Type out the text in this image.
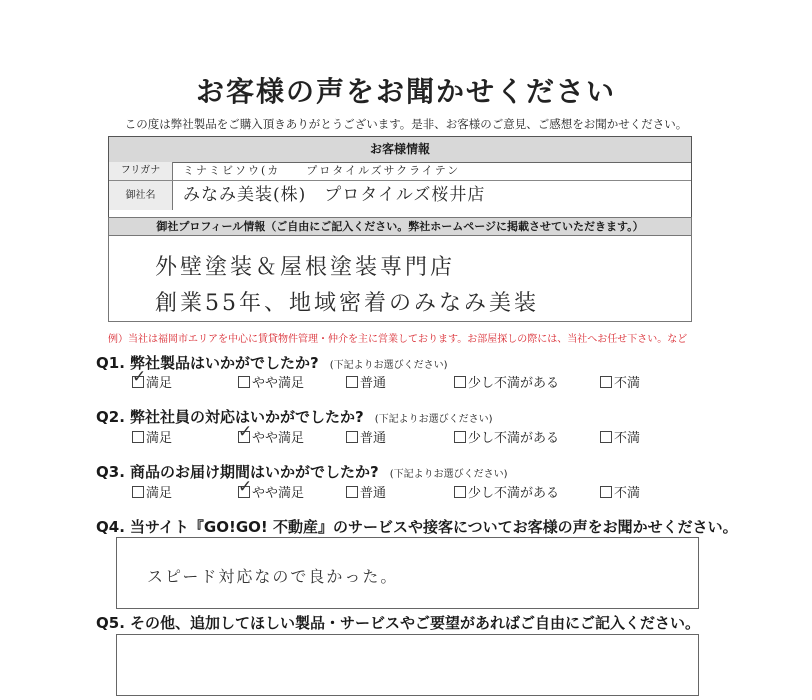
お客様の声をお聞かせください
この度は弊社製品をご購入頂きありがとうございます。是非、お客様のご意見、ご感想をお聞かせください。
お客様情報
フリガナ	ミナミビソウ(カ　　プロタイルズサクライテン
御社名	みなみ美装(株)　プロタイルズ桜井店
御社プロフィール情報（ご自由にご記入ください。弊社ホームページに掲載させていただきます。）
外壁塗装＆屋根塗装専門店
創業55年、地域密着のみなみ美装
例）当社は福岡市エリアを中心に賃貸物件管理・仲介を主に営業しております。お部屋探しの際には、当社へお任せ下さい。など
Q1. 弊社製品はいかがでしたか? (下記よりお選びください)
✓ 満足	やや満足	普通	少し不満がある	不満
Q2. 弊社社員の対応はいかがでしたか? (下記よりお選びください)
満足	✓ やや満足	普通	少し不満がある	不満
Q3. 商品のお届け期間はいかがでしたか? (下記よりお選びください)
満足	✓ やや満足	普通	少し不満がある	不満
Q4. 当サイト『GO!GO! 不動産』のサービスや接客についてお客様の声をお聞かせください。
スピード対応なので良かった。
Q5. その他、追加してほしい製品・サービスやご要望があればご自由にご記入ください。
